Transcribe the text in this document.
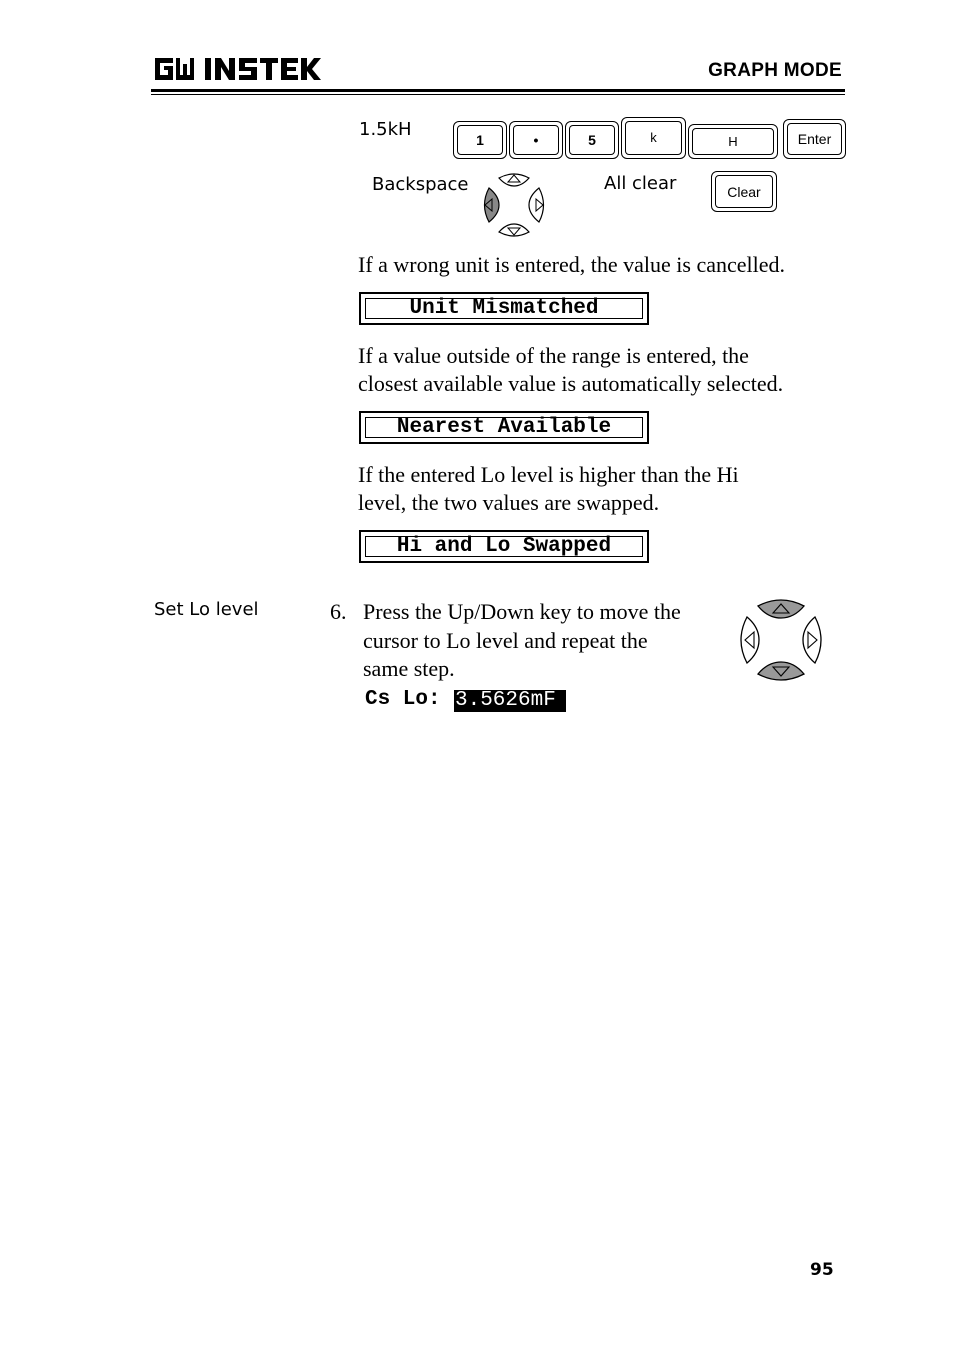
GRAPH MODE
1.5kH	1	•	5	k	H	Enter
Backspace	All clear	Clear
If a wrong unit is entered, the value is cancelled.
Unit Mismatched
If a value outside of the range is entered, the
closest available value is automatically selected.
Nearest Available
If the entered Lo level is higher than the Hi
level, the two values are swapped.
Hi and Lo Swapped
Set Lo level	6. Press the Up/Down key to move the
cursor to Lo level and repeat the
same step.
Cs Lo: 3.5626mF
95
